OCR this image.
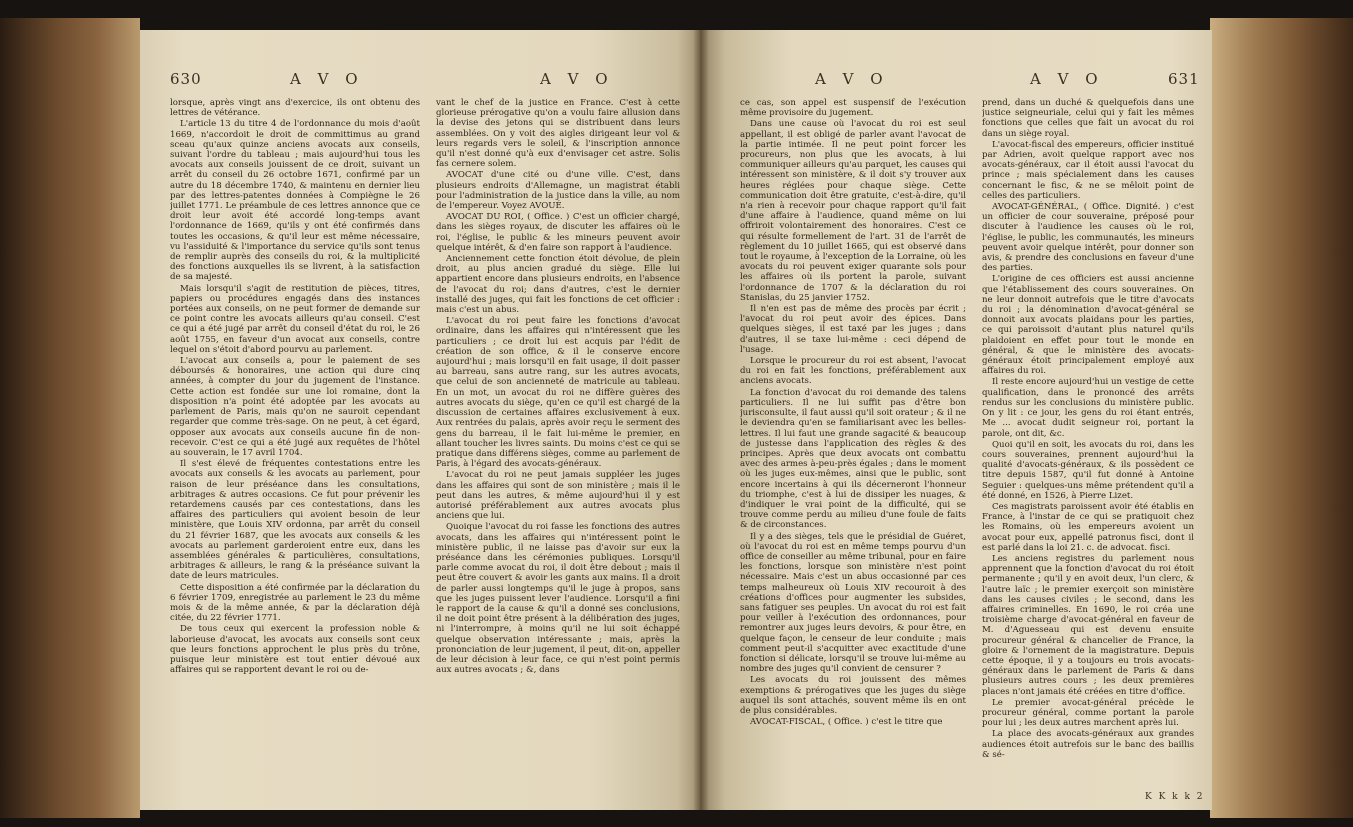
630	A V O	A V O

lorsque, après vingt ans d'exercice, ils ont obtenu des lettres de vétérance.

L'article 13 du titre 4 de l'ordonnance du mois d'août 1669, n'accordoit le droit de committimus au grand sceau qu'aux quinze anciens avocats aux conseils, suivant l'ordre du tableau ; mais aujourd'hui tous les avocats aux conseils jouissent de ce droit, suivant un arrêt du conseil du 26 octobre 1671, confirmé par un autre du 18 décembre 1740, & maintenu en dernier lieu par des lettres-patentes données à Compiègne le 26 juillet 1771. Le préambule de ces lettres annonce que ce droit leur avoit été accordé long-temps avant l'ordonnance de 1669, qu'ils y ont été confirmés dans toutes les occasions, & qu'il leur est même nécessaire, vu l'assiduité & l'importance du service qu'ils sont tenus de remplir auprès des conseils du roi, & la multiplicité des fonctions auxquelles ils se livrent, à la satisfaction de sa majesté.

Mais lorsqu'il s'agit de restitution de pièces, titres, papiers ou procédures engagés dans des instances portées aux conseils, on ne peut former de demande sur ce point contre les avocats ailleurs qu'au conseil. C'est ce qui a été jugé par arrêt du conseil d'état du roi, le 26 août 1755, en faveur d'un avocat aux conseils, contre lequel on s'étoit d'abord pourvu au parlement.

L'avocat aux conseils a, pour le paiement de ses déboursés & honoraires, une action qui dure cinq années, à compter du jour du jugement de l'instance. Cette action est fondée sur une loi romaine, dont la disposition n'a point été adoptée par les avocats au parlement de Paris, mais qu'on ne sauroit cependant regarder que comme très-sage. On ne peut, à cet égard, opposer aux avocats aux conseils aucune fin de non-recevoir. C'est ce qui a été jugé aux requêtes de l'hôtel au souverain, le 17 avril 1704.

Il s'est élevé de fréquentes contestations entre les avocats aux conseils & les avocats au parlement, pour raison de leur préséance dans les consultations, arbitrages & autres occasions. Ce fut pour prévenir les retardemens causés par ces contestations, dans les affaires des particuliers qui avoient besoin de leur ministère, que Louis XIV ordonna, par arrêt du conseil du 21 février 1687, que les avocats aux conseils & les avocats au parlement garderoient entre eux, dans les assemblées générales & particulières, consultations, arbitrages & ailleurs, le rang & la préséance suivant la date de leurs matricules.

Cette disposition a été confirmée par la déclaration du 6 février 1709, enregistrée au parlement le 23 du même mois & de la même année, & par la déclaration déjà citée, du 22 février 1771.

De tous ceux qui exercent la profession noble & laborieuse d'avocat, les avocats aux conseils sont ceux que leurs fonctions approchent le plus près du trône, puisque leur ministère est tout entier dévoué aux affaires qui se rapportent devant le roi ou de-

vant le chef de la justice en France. C'est à cette glorieuse prérogative qu'on a voulu faire allusion dans la devise des jetons qui se distribuent dans leurs assemblées. On y voit des aigles dirigeant leur vol & leurs regards vers le soleil, & l'inscription annonce qu'il n'est donné qu'à eux d'envisager cet astre. Solis fas cernere solem.

AVOCAT d'une cité ou d'une ville. C'est, dans plusieurs endroits d'Allemagne, un magistrat établi pour l'administration de la justice dans la ville, au nom de l'empereur. Voyez AVOUÉ.

AVOCAT DU ROI, ( Office. ) C'est un officier chargé, dans les sièges royaux, de discuter les affaires où le roi, l'église, le public & les mineurs peuvent avoir quelque intérêt, & d'en faire son rapport à l'audience.

Anciennement cette fonction étoit dévolue, de plein droit, au plus ancien gradué du siège. Elle lui appartient encore dans plusieurs endroits, en l'absence de l'avocat du roi; dans d'autres, c'est le dernier installé des juges, qui fait les fonctions de cet officier : mais c'est un abus.

L'avocat du roi peut faire les fonctions d'avocat ordinaire, dans les affaires qui n'intéressent que les particuliers ; ce droit lui est acquis par l'édit de création de son office, & il le conserve encore aujourd'hui ; mais lorsqu'il en fait usage, il doit passer au barreau, sans autre rang, sur les autres avocats, que celui de son ancienneté de matricule au tableau. En un mot, un avocat du roi ne diffère guères des autres avocats du siège, qu'en ce qu'il est chargé de la discussion de certaines affaires exclusivement à eux. Aux rentrées du palais, après avoir reçu le serment des gens du barreau, il le fait lui-même le premier, en allant toucher les livres saints. Du moins c'est ce qui se pratique dans différens sièges, comme au parlement de Paris, à l'égard des avocats-généraux.

L'avocat du roi ne peut jamais suppléer les juges dans les affaires qui sont de son ministère ; mais il le peut dans les autres, & même aujourd'hui il y est autorisé préférablement aux autres avocats plus anciens que lui.

Quoique l'avocat du roi fasse les fonctions des autres avocats, dans les affaires qui n'intéressent point le ministère public, il ne laisse pas d'avoir sur eux la préséance dans les cérémonies publiques. Lorsqu'il parle comme avocat du roi, il doit être debout ; mais il peut être couvert & avoir les gants aux mains. Il a droit de parler aussi longtemps qu'il le juge à propos, sans que les juges puissent lever l'audience. Lorsqu'il a fini le rapport de la cause & qu'il a donné ses conclusions, il ne doit point être présent à la délibération des juges, ni l'interrompre, à moins qu'il ne lui soit échappé quelque observation intéressante ; mais, après la prononciation de leur jugement, il peut, dit-on, appeller de leur décision à leur face, ce qui n'est point permis aux autres avocats ; &, dans

A V O	A V O	631

ce cas, son appel est suspensif de l'exécution même provisoire du jugement.

Dans une cause où l'avocat du roi est seul appellant, il est obligé de parler avant l'avocat de la partie intimée. Il ne peut point forcer les procureurs, non plus que les avocats, à lui communiquer ailleurs qu'au parquet, les causes qui intéressent son ministère, & il doit s'y trouver aux heures réglées pour chaque siège. Cette communication doit être gratuite, c'est-à-dire, qu'il n'a rien à recevoir pour chaque rapport qu'il fait d'une affaire à l'audience, quand même on lui offriroit volontairement des honoraires. C'est ce qui résulte formellement de l'art. 31 de l'arrêt de règlement du 10 juillet 1665, qui est observé dans tout le royaume, à l'exception de la Lorraine, où les avocats du roi peuvent exiger quarante sols pour les affaires où ils portent la parole, suivant l'ordonnance de 1707 & la déclaration du roi Stanislas, du 25 janvier 1752.

Il n'en est pas de même des procès par écrit ; l'avocat du roi peut avoir des épices. Dans quelques sièges, il est taxé par les juges ; dans d'autres, il se taxe lui-même : ceci dépend de l'usage.

Lorsque le procureur du roi est absent, l'avocat du roi en fait les fonctions, préférablement aux anciens avocats.

La fonction d'avocat du roi demande des talens particuliers. Il ne lui suffit pas d'être bon jurisconsulte, il faut aussi qu'il soit orateur ; & il ne le deviendra qu'en se familiarisant avec les belles-lettres. Il lui faut une grande sagacité & beaucoup de justesse dans l'application des règles & des principes. Après que deux avocats ont combattu avec des armes à-peu-près égales ; dans le moment où les juges eux-mêmes, ainsi que le public, sont encore incertains à qui ils décerneront l'honneur du triomphe, c'est à lui de dissiper les nuages, & d'indiquer le vrai point de la difficulté, qui se trouve comme perdu au milieu d'une foule de faits & de circonstances.

Il y a des sièges, tels que le présidial de Guéret, où l'avocat du roi est en même temps pourvu d'un office de conseiller au même tribunal, pour en faire les fonctions, lorsque son ministère n'est point nécessaire. Mais c'est un abus occasionné par ces temps malheureux où Louis XIV recouroit à des créations d'offices pour augmenter les subsides, sans fatiguer ses peuples. Un avocat du roi est fait pour veiller à l'exécution des ordonnances, pour remontrer aux juges leurs devoirs, & pour être, en quelque façon, le censeur de leur conduite ; mais comment peut-il s'acquitter avec exactitude d'une fonction si délicate, lorsqu'il se trouve lui-même au nombre des juges qu'il convient de censurer ?

Les avocats du roi jouissent des mêmes exemptions & prérogatives que les juges du siège auquel ils sont attachés, souvent même ils en ont de plus considérables.

AVOCAT-FISCAL, ( Office. ) c'est le titre que

prend, dans un duché & quelquefois dans une justice seigneuriale, celui qui y fait les mêmes fonctions que celles que fait un avocat du roi dans un siège royal.

L'avocat-fiscal des empereurs, officier institué par Adrien, avoit quelque rapport avec nos avocats-généraux, car il étoit aussi l'avocat du prince ; mais spécialement dans les causes concernant le fisc, & ne se mêloit point de celles des particuliers.

AVOCAT-GÉNÉRAL, ( Office. Dignité. ) c'est un officier de cour souveraine, préposé pour discuter à l'audience les causes où le roi, l'église, le public, les communautés, les mineurs peuvent avoir quelque intérêt, pour donner son avis, & prendre des conclusions en faveur d'une des parties.

L'origine de ces officiers est aussi ancienne que l'établissement des cours souveraines. On ne leur donnoit autrefois que le titre d'avocats du roi ; la dénomination d'avocat-général se donnoit aux avocats plaidans pour les parties, ce qui paroissoit d'autant plus naturel qu'ils plaidoient en effet pour tout le monde en général, & que le ministère des avocats-généraux étoit principalement employé aux affaires du roi.

Il reste encore aujourd'hui un vestige de cette qualification, dans le prononcé des arrêts rendus sur les conclusions du ministère public. On y lit : ce jour, les gens du roi étant entrés, Me ... avocat dudit seigneur roi, portant la parole, ont dit, &c.

Quoi qu'il en soit, les avocats du roi, dans les cours souveraines, prennent aujourd'hui la qualité d'avocats-généraux, & ils possèdent ce titre depuis 1587, qu'il fut donné à Antoine Seguier : quelques-uns même prétendent qu'il a été donné, en 1526, à Pierre Lizet.

Ces magistrats paroissent avoir été établis en France, à l'instar de ce qui se pratiquoit chez les Romains, où les empereurs avoient un avocat pour eux, appellé patronus fisci, dont il est parlé dans la loi 21. c. de advocat. fisci.

Les anciens registres du parlement nous apprennent que la fonction d'avocat du roi étoit permanente ; qu'il y en avoit deux, l'un clerc, & l'autre laïc ; le premier exerçoit son ministère dans les causes civiles ; le second, dans les affaires criminelles. En 1690, le roi créa une troisième charge d'avocat-général en faveur de M. d'Aguesseau qui est devenu ensuite procureur général & chancelier de France, la gloire & l'ornement de la magistrature. Depuis cette époque, il y a toujours eu trois avocats-généraux dans le parlement de Paris & dans plusieurs autres cours ; les deux premières places n'ont jamais été créées en titre d'office.

Le premier avocat-général précède le procureur général, comme portant la parole pour lui ; les deux autres marchent après lui.

La place des avocats-généraux aux grandes audiences étoit autrefois sur le banc des baillis & sé-

K K k k 2
